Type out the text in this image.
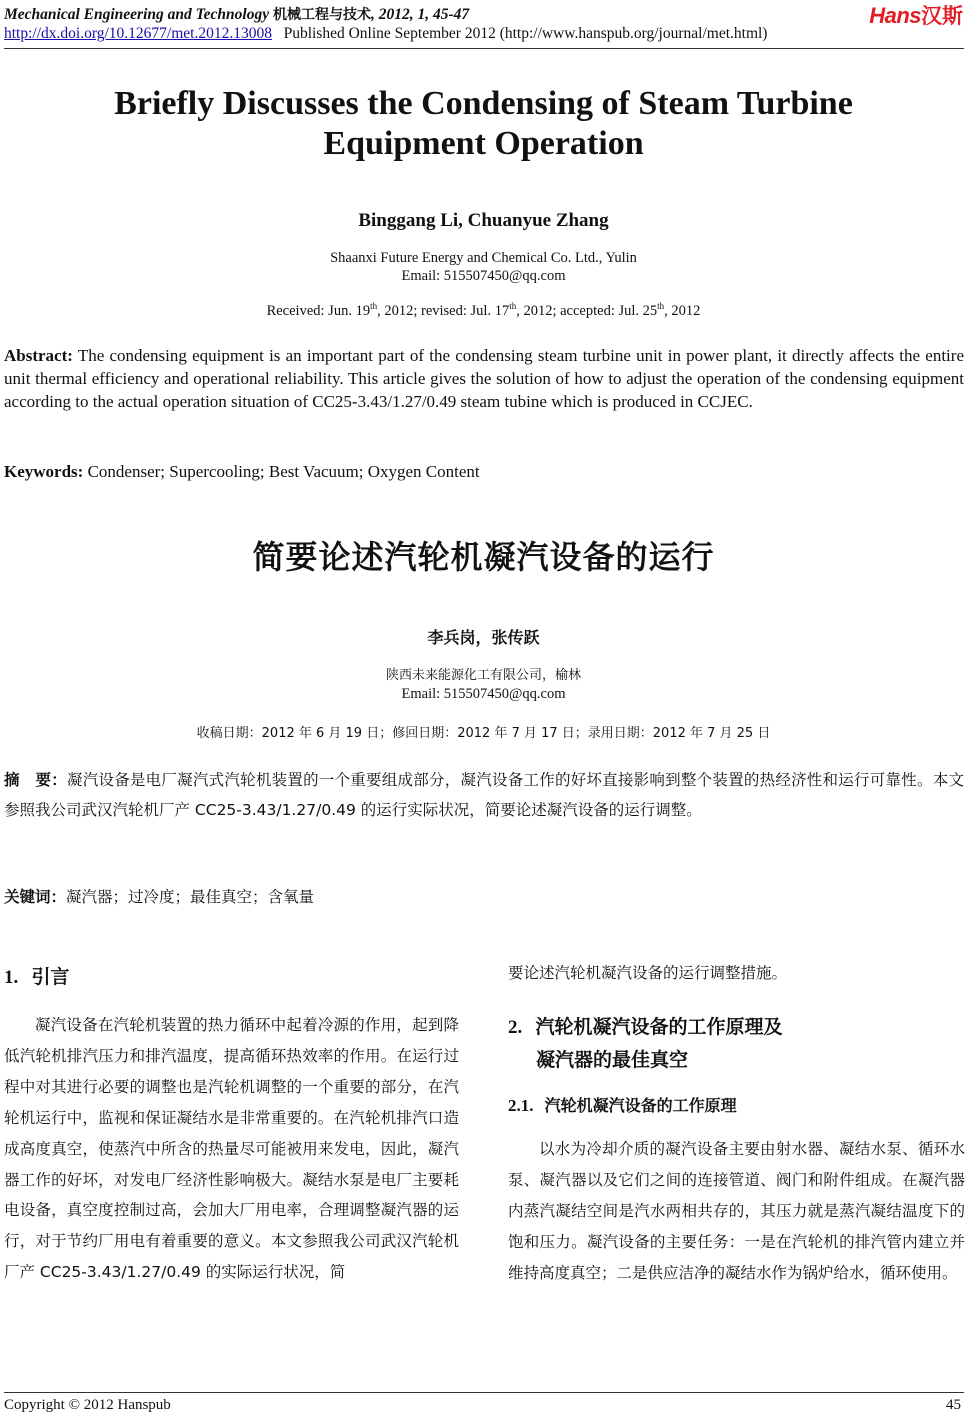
Mechanical Engineering and Technology 机械工程与技术, 2012, 1, 45-47	Hans汉斯
http://dx.doi.org/10.12677/met.2012.13008 Published Online September 2012 (http://www.hanspub.org/journal/met.html)
Briefly Discusses the Condensing of Steam Turbine
Equipment Operation
Binggang Li, Chuanyue Zhang
Shaanxi Future Energy and Chemical Co. Ltd., Yulin
Email: 515507450@qq.com
Received: Jun. 19th, 2012; revised: Jul. 17th, 2012; accepted: Jul. 25th, 2012
Abstract: The condensing equipment is an important part of the condensing steam turbine unit in power plant, it directly affects the entire unit thermal efficiency and operational reliability. This article gives the solution of how to adjust the operation of the condensing equipment according to the actual operation situation of CC25-3.43/1.27/0.49 steam tubine which is produced in CCJEC.
Keywords: Condenser; Supercooling; Best Vacuum; Oxygen Content
简要论述汽轮机凝汽设备的运行
李兵岗，张传跃
陕西未来能源化工有限公司，榆林
Email: 515507450@qq.com
收稿日期：2012 年 6 月 19 日；修回日期：2012 年 7 月 17 日；录用日期：2012 年 7 月 25 日
摘　要：凝汽设备是电厂凝汽式汽轮机装置的一个重要组成部分，凝汽设备工作的好坏直接影响到整个装置的热经济性和运行可靠性。本文参照我公司武汉汽轮机厂产 CC25-3.43/1.27/0.49 的运行实际状况，简要论述凝汽设备的运行调整。
关键词：凝汽器；过冷度；最佳真空；含氧量
1. 引言
凝汽设备在汽轮机装置的热力循环中起着冷源的作用，起到降低汽轮机排汽压力和排汽温度，提高循环热效率的作用。在运行过程中对其进行必要的调整也是汽轮机调整的一个重要的部分，在汽轮机运行中，监视和保证凝结水是非常重要的。在汽轮机排汽口造成高度真空，使蒸汽中所含的热量尽可能被用来发电，因此，凝汽器工作的好坏，对发电厂经济性影响极大。凝结水泵是电厂主要耗电设备，真空度控制过高，会加大厂用电率，合理调整凝汽器的运行，对于节约厂用电有着重要的意义。本文参照我公司武汉汽轮机厂产 CC25-3.43/1.27/0.49 的实际运行状况，简
要论述汽轮机凝汽设备的运行调整措施。
2. 汽轮机凝汽设备的工作原理及
凝汽器的最佳真空
2.1. 汽轮机凝汽设备的工作原理
以水为冷却介质的凝汽设备主要由射水器、凝结水泵、循环水泵、凝汽器以及它们之间的连接管道、阀门和附件组成。在凝汽器内蒸汽凝结空间是汽水两相共存的，其压力就是蒸汽凝结温度下的饱和压力。凝汽设备的主要任务：一是在汽轮机的排汽管内建立并维持高度真空；二是供应洁净的凝结水作为锅炉给水，循环使用。
Copyright © 2012 Hanspub	45
